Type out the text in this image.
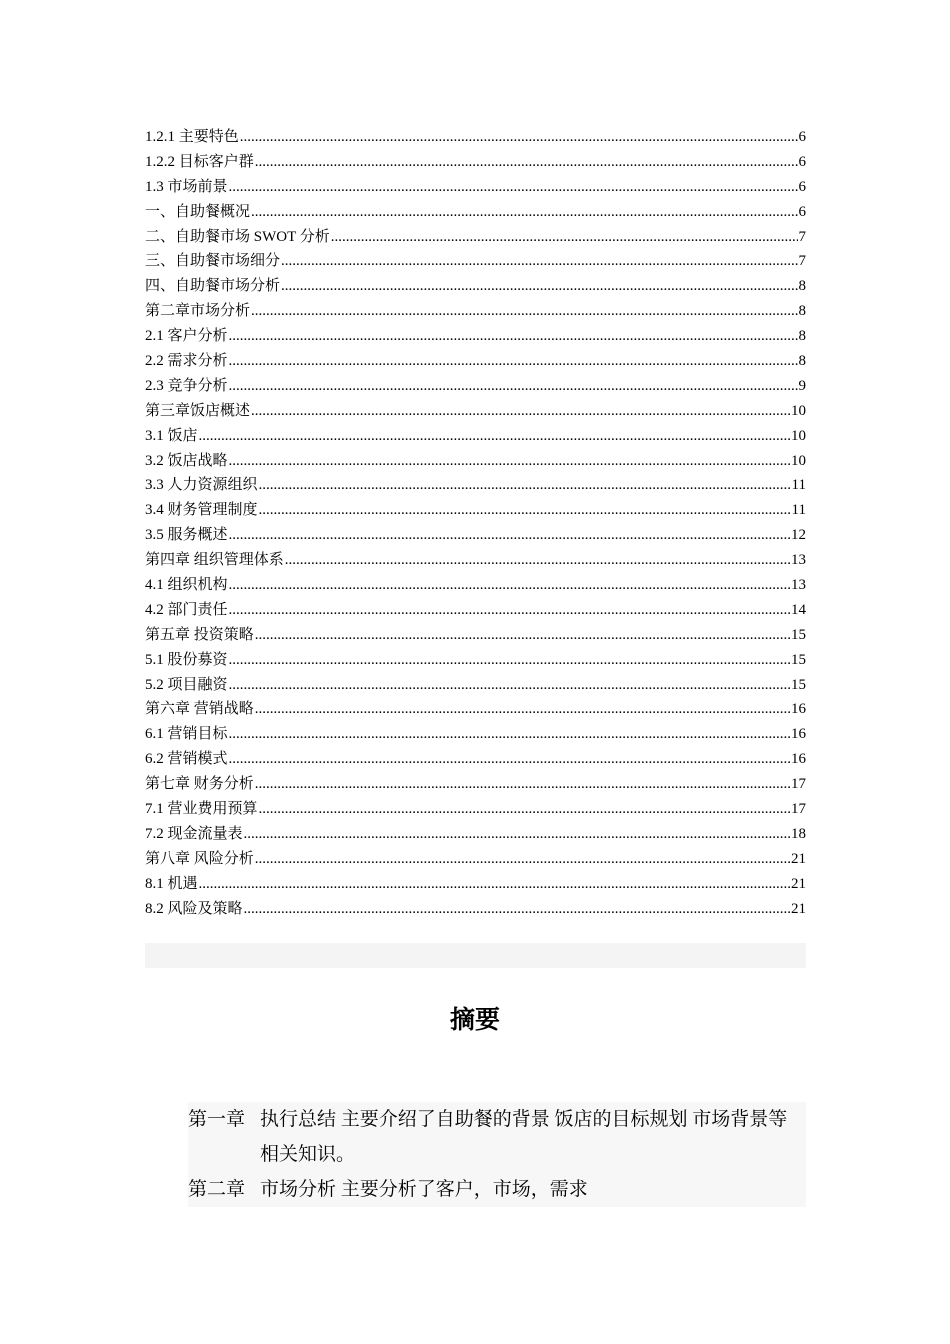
1.2.1 主要特色 .....	6
1.2.2 目标客户群 .....	6
1.3 市场前景 .....	6
一、自助餐概况 .....	6
二、自助餐市场 SWOT 分析 .....	7
三、自助餐市场细分 .....	7
四、自助餐市场分析 .....	8
第二章市场分析 .....	8
2.1 客户分析 .....	8
2.2 需求分析 .....	8
2.3 竞争分析 .....	9
第三章饭店概述 .....	10
3.1 饭店 .....	10
3.2 饭店战略 .....	10
3.3 人力资源组织 .....	11
3.4 财务管理制度 .....	11
3.5 服务概述 .....	12
第四章 组织管理体系 .....	13
4.1 组织机构 .....	13
4.2 部门责任 .....	14
第五章 投资策略 .....	15
5.1 股份募资 .....	15
5.2 项目融资 .....	15
第六章 营销战略 .....	16
6.1 营销目标 .....	16
6.2 营销模式 .....	16
第七章 财务分析 .....	17
7.1 营业费用预算 .....	17
7.2 现金流量表 .....	18
第八章 风险分析 .....	21
8.1 机遇 .....	21
8.2 风险及策略 .....	21
摘要
第一章 执行总结 主要介绍了自助餐的背景 饭店的目标规划 市场背景等相关知识。
第二章 市场分析 主要分析了客户，市场，需求
